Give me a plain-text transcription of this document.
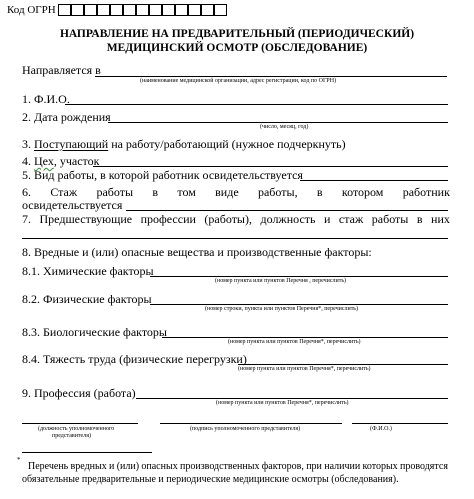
Код ОГРН
НАПРАВЛЕНИЕ НА ПРЕДВАРИТЕЛЬНЫЙ (ПЕРИОДИЧЕСКИЙ)
МЕДИЦИНСКИЙ ОСМОТР (ОБСЛЕДОВАНИЕ)
Направляется в
(наименование медицинской организации, адрес регистрации, код по ОГРН)
1. Ф.И.О.
2. Дата рождения
(число, месяц, год)
3. Поступающий на работу/работающий (нужное подчеркнуть)
4. Цех, участок
5. Вид работы, в которой работник освидетельствуется
6. Стаж работы в том виде работы, в котором работник
освидетельствуется
7. Предшествующие профессии (работы), должность и стаж работы в них
8. Вредные и (или) опасные вещества и производственные факторы:
8.1. Химические факторы
(номер пункта или пунктов Перечня , перечислить)
8.2. Физические факторы
(номер строки, пункта или пунктов Перечня*, перечислить)
8.3. Биологические факторы
(номер пункта или пунктов Перечня*, перечислить)
8.4. Тяжесть труда (физические перегрузки)
(номер пункта или пунктов Перечня*, перечислить)
9. Профессия (работа)
(номер пункта или пунктов Перечня*, перечислить)
(должность уполномоченного
представителя)
(подпись уполномоченного представителя)	(Ф.И.О.)
*
Перечень вредных и (или) опасных производственных факторов, при наличии которых проводятся
обязательные предварительные и периодические медицинские осмотры (обследования).
